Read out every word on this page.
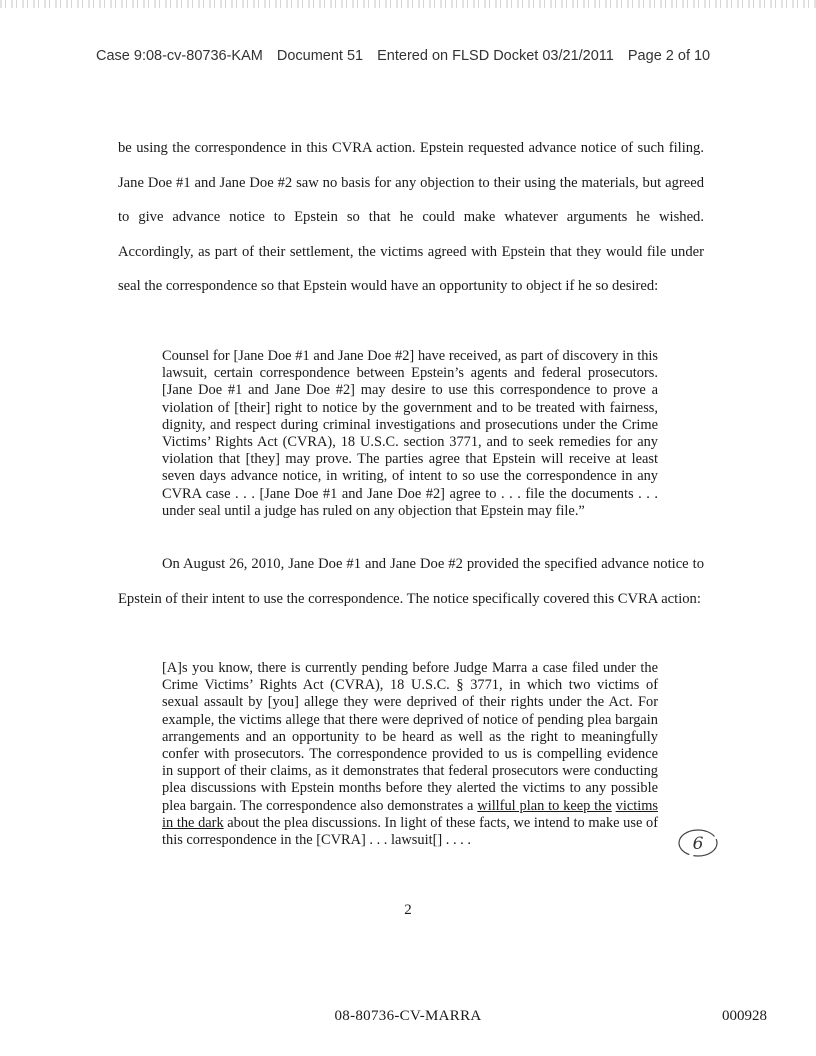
Case 9:08-cv-80736-KAM Document 51 Entered on FLSD Docket 03/21/2011 Page 2 of 10

be using the correspondence in this CVRA action. Epstein requested advance notice of such filing. Jane Doe #1 and Jane Doe #2 saw no basis for any objection to their using the materials, but agreed to give advance notice to Epstein so that he could make whatever arguments he wished. Accordingly, as part of their settlement, the victims agreed with Epstein that they would file under seal the correspondence so that Epstein would have an opportunity to object if he so desired:

Counsel for [Jane Doe #1 and Jane Doe #2] have received, as part of discovery in this lawsuit, certain correspondence between Epstein’s agents and federal prosecutors. [Jane Doe #1 and Jane Doe #2] may desire to use this correspondence to prove a violation of [their] right to notice by the government and to be treated with fairness, dignity, and respect during criminal investigations and prosecutions under the Crime Victims’ Rights Act (CVRA), 18 U.S.C. section 3771, and to seek remedies for any violation that [they] may prove. The parties agree that Epstein will receive at least seven days advance notice, in writing, of intent to so use the correspondence in any CVRA case . . . [Jane Doe #1 and Jane Doe #2] agree to . . . file the documents . . . under seal until a judge has ruled on any objection that Epstein may file.”

On August 26, 2010, Jane Doe #1 and Jane Doe #2 provided the specified advance notice to Epstein of their intent to use the correspondence. The notice specifically covered this CVRA action:

[A]s you know, there is currently pending before Judge Marra a case filed under the Crime Victims’ Rights Act (CVRA), 18 U.S.C. § 3771, in which two victims of sexual assault by [you] allege they were deprived of their rights under the Act. For example, the victims allege that there were deprived of notice of pending plea bargain arrangements and an opportunity to be heard as well as the right to meaningfully confer with prosecutors. The correspondence provided to us is compelling evidence in support of their claims, as it demonstrates that federal prosecutors were conducting plea discussions with Epstein months before they alerted the victims to any possible plea bargain. The correspondence also demonstrates a willful plan to keep the victims in the dark about the plea discussions. In light of these facts, we intend to make use of this correspondence in the [CVRA] . . . lawsuit[] . . . .	6
2
08-80736-CV-MARRA	000928
